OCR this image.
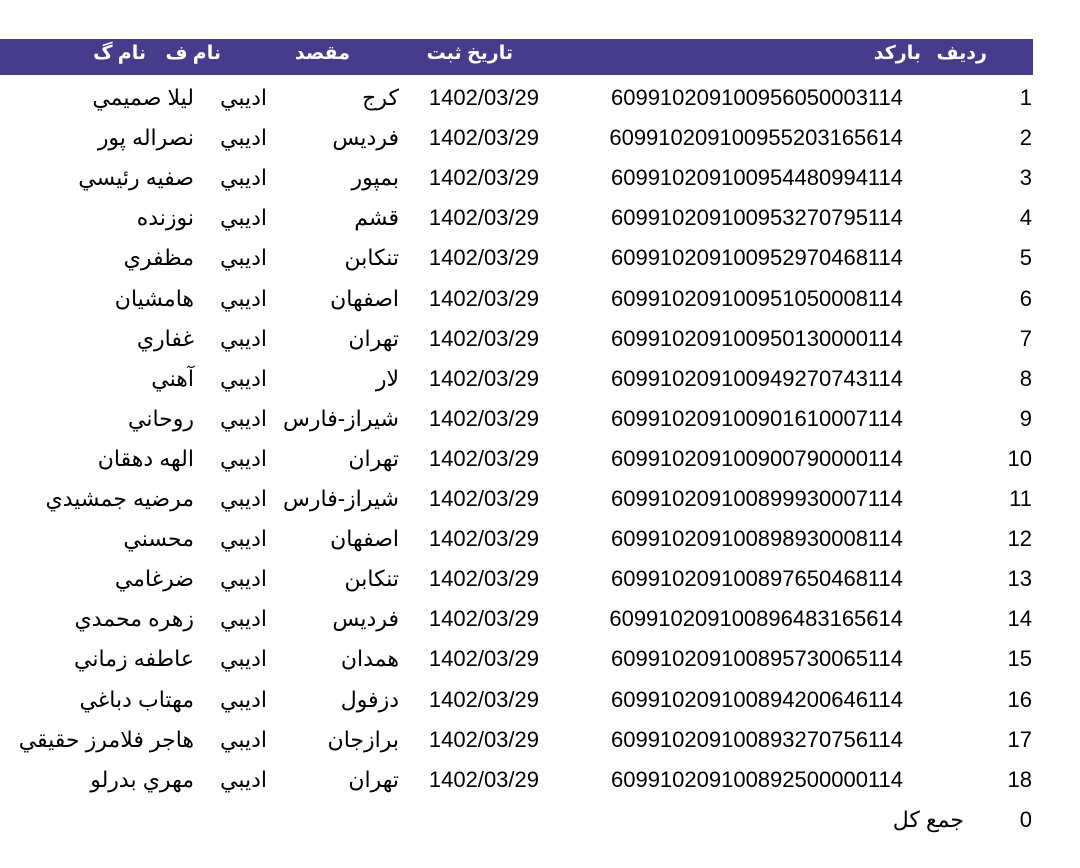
ردیف
بارکد
تاریخ ثبت
مقصد
نام ف
نام گ
1
609910209100956050003114
1402/03/29
کرج
اديبي
ليلا صميمي
2
609910209100955203165614
1402/03/29
فرديس
اديبي
نصراله پور
3
609910209100954480994114
1402/03/29
بمپور
اديبي
صفيه رئيسي
4
609910209100953270795114
1402/03/29
قشم
اديبي
نوزنده
5
609910209100952970468114
1402/03/29
تنكابن
اديبي
مظفري
6
609910209100951050008114
1402/03/29
اصفهان
اديبي
هامشيان
7
609910209100950130000114
1402/03/29
تهران
اديبي
غفاري
8
609910209100949270743114
1402/03/29
لار
اديبي
آهني
9
609910209100901610007114
1402/03/29
شيراز-فارس
اديبي
روحاني
10
609910209100900790000114
1402/03/29
تهران
اديبي
الهه دهقان
11
609910209100899930007114
1402/03/29
شيراز-فارس
اديبي
مرضيه جمشيدي
12
609910209100898930008114
1402/03/29
اصفهان
اديبي
محسني
13
609910209100897650468114
1402/03/29
تنكابن
اديبي
ضرغامي
14
609910209100896483165614
1402/03/29
فرديس
اديبي
زهره محمدي
15
609910209100895730065114
1402/03/29
همدان
اديبي
عاطفه زماني
16
609910209100894200646114
1402/03/29
دزفول
اديبي
مهتاب دباغي
17
609910209100893270756114
1402/03/29
برازجان
اديبي
هاجر فلامرز حقيقي
18
609910209100892500000114
1402/03/29
تهران
اديبي
مهري بدرلو
0
جمع کل
